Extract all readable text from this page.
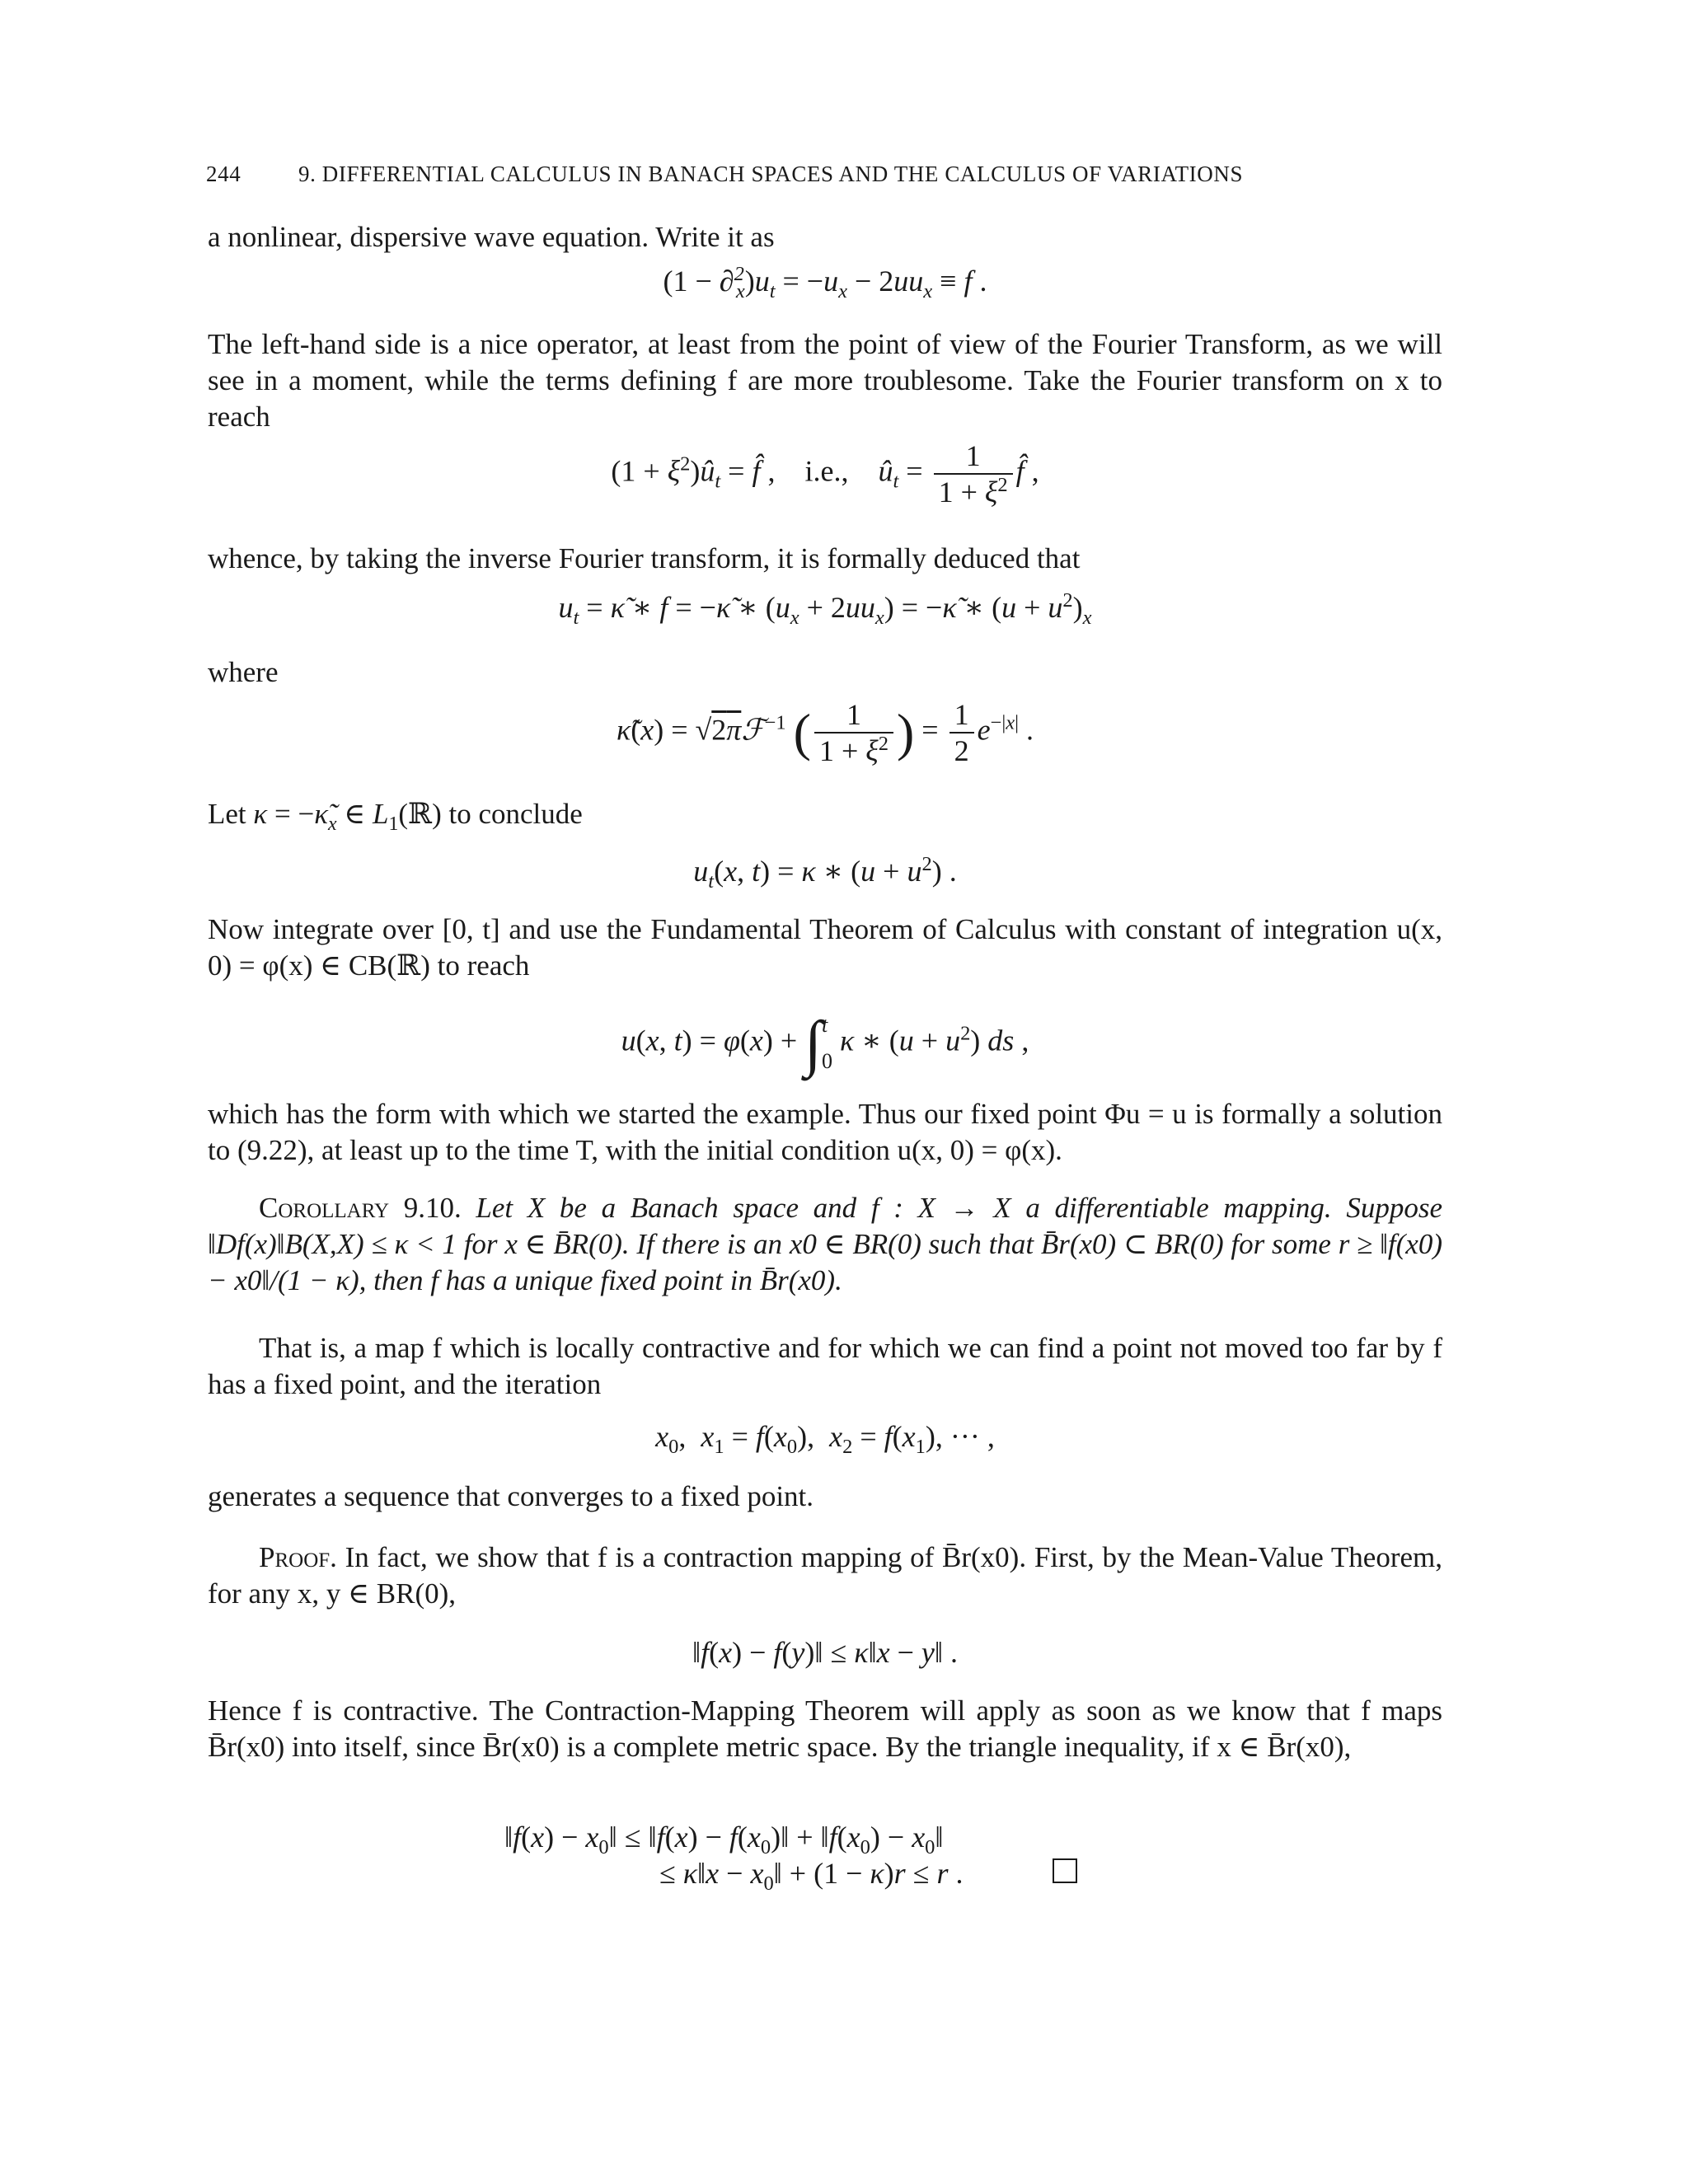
244	9. DIFFERENTIAL CALCULUS IN BANACH SPACES AND THE CALCULUS OF VARIATIONS
a nonlinear, dispersive wave equation. Write it as
$(1 - \partial^2_x)u_t = -u_x - 2uu_x \equiv f$ .
The left-hand side is a nice operator, at least from the point of view of the Fourier Transform, as we will see in a moment, while the terms defining f are more troublesome. Take the Fourier transform on x to reach
$(1 + \xi^2)û_t$ = f̂ ,    i.e.,    $û_t = \frac{1}{1 + \xi^2}$ f̂ ,
whence, by taking the inverse Fourier transform, it is formally deduced that
$u_t$ = κ̃ ∗ f = −κ̃ ∗ $(u_x + 2uu_x)$ = −κ̃ ∗ $(u + u^2)_x$
where
κ̃(x) = √2πℱ$^{-1}$ ( $\frac{1}{1 + \xi^2}$ ) = $\frac{1}{2} e^{-|x|}$ .
Let $\kappa = -\kappã_x$ ∈ $L_1(ℝ)$ to conclude
$u_t(x$, t) = κ ∗ $(u + u^2)$ .
Now integrate over [0, t] and use the Fundamental Theorem of Calculus with constant of integration u(x, 0) = φ(x) ∈ CB(ℝ) to reach
u(x, t) = φ(x) + ∫ t
0
κ ∗ $(u + u^2)$ ds ,
which has the form with which we started the example. Thus our fixed point Φu = u is formally a solution to (9.22), at least up to the time T, with the initial condition u(x, 0) = φ(x).
Corollary 9.10. Let X be a Banach space and f : X → X a differentiable mapping. Suppose ‖Df(x)‖B(X,X) ≤ κ < 1 for x ∈ B̄R(0). If there is an x0 ∈ BR(0) such that B̄r(x0) ⊂ BR(0) for some r ≥ ‖f(x0) − x0‖/(1 − κ), then f has a unique fixed point in B̄r(x0).
That is, a map f which is locally contractive and for which we can find a point not moved too far by f has a fixed point, and the iteration
$x_0$,  $x_1 = f(x_0)$,  $x_2 = f(x_1)$, ··· ,
generates a sequence that converges to a fixed point.
Proof. In fact, we show that f is a contraction mapping of B̄r(x0). First, by the Mean-Value Theorem, for any x, y ∈ BR(0),
‖f(x) − f(y)‖ ≤ κ‖x − y‖ .
Hence f is contractive. The Contraction-Mapping Theorem will apply as soon as we know that f maps B̄r(x0) into itself, since B̄r(x0) is a complete metric space. By the triangle inequality, if x ∈ B̄r(x0),
‖f(x) − $x_0‖$ ≤ ‖f(x) − $f(x_0)‖$ + $‖f(x_0)$ − $x_0‖$
≤ κ‖x − $x_0‖ + (1 - \kappa)r \le r$ .
